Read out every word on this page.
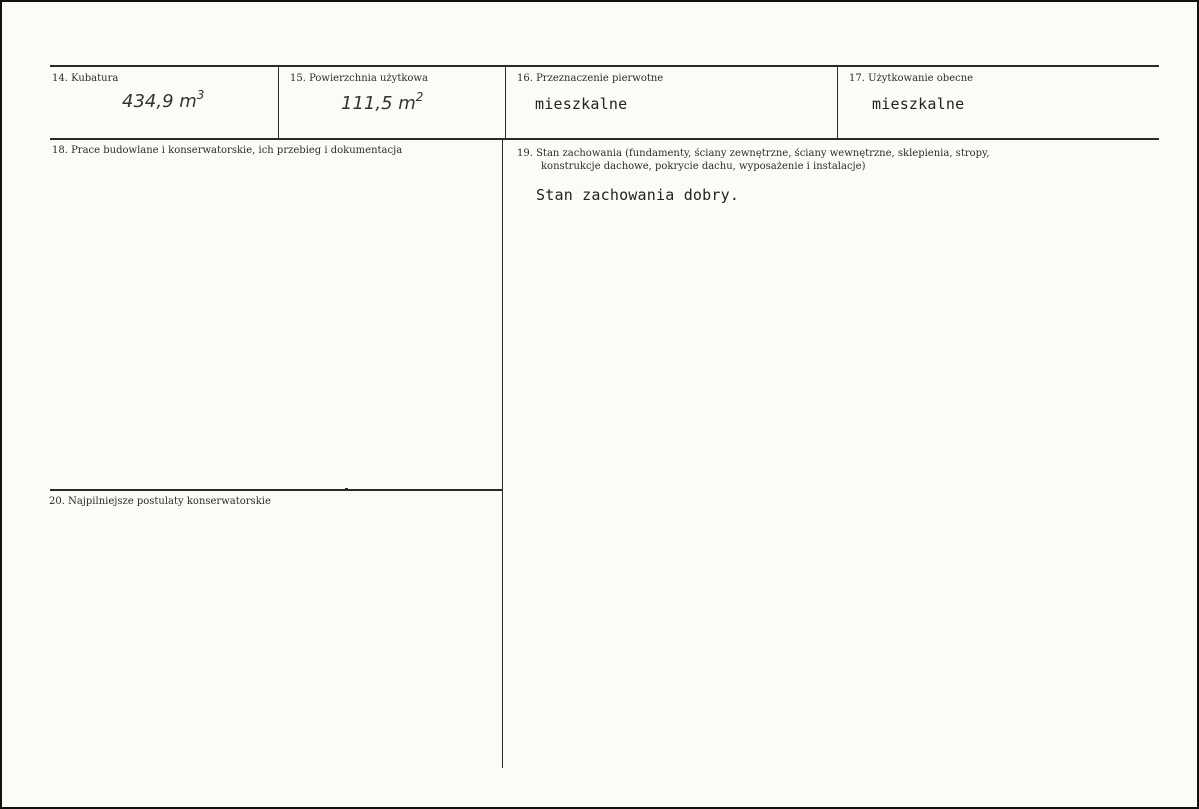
14. Kubatura
434,9 $m^3$
15. Powierzchnia użytkowa
111,5 $m^2$
16. Przeznaczenie pierwotne
mieszkalne
17. Użytkowanie obecne
mieszkalne
18. Prace budowlane i konserwatorskie, ich przebieg i dokumentacja	19. Stan zachowania (fundamenty, ściany zewnętrzne, ściany wewnętrzne, sklepienia, stropy,
konstrukcje dachowe, pokrycie dachu, wyposażenie i instalacje)
Stan zachowania dobry.
20. Najpilniejsze postulaty konserwatorskie
